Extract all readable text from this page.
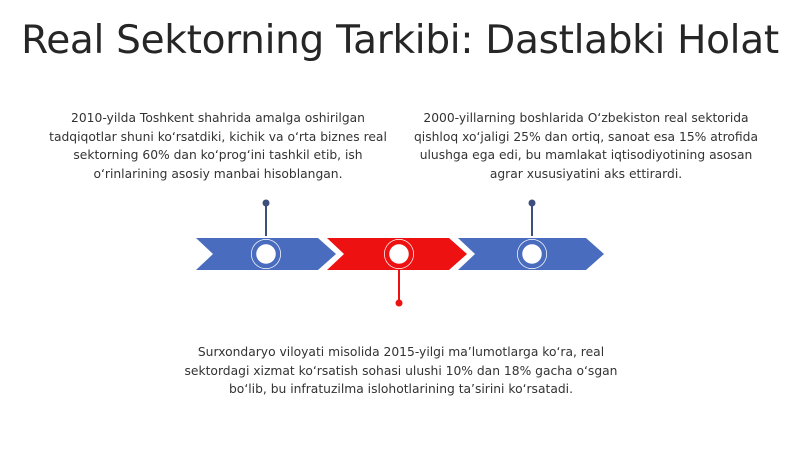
Real Sektorning Tarkibi: Dastlabki Holat
2010-yilda Toshkent shahrida amalga oshirilgan tadqiqotlar shuni ko‘rsatdiki, kichik va o‘rta biznes real sektorning 60% dan ko‘prog‘ini tashkil etib, ish o‘rinlarining asosiy manbai hisoblangan.
2000-yillarning boshlarida O‘zbekiston real sektorida qishloq xo‘jaligi 25% dan ortiq, sanoat esa 15% atrofida ulushga ega edi, bu mamlakat iqtisodiyotining asosan agrar xususiyatini aks ettirardi.
Surxondaryo viloyati misolida 2015-yilgi ma’lumotlarga ko‘ra, real sektordagi xizmat ko‘rsatish sohasi ulushi 10% dan 18% gacha o‘sgan bo‘lib, bu infratuzilma islohotlarining ta’sirini ko‘rsatadi.
